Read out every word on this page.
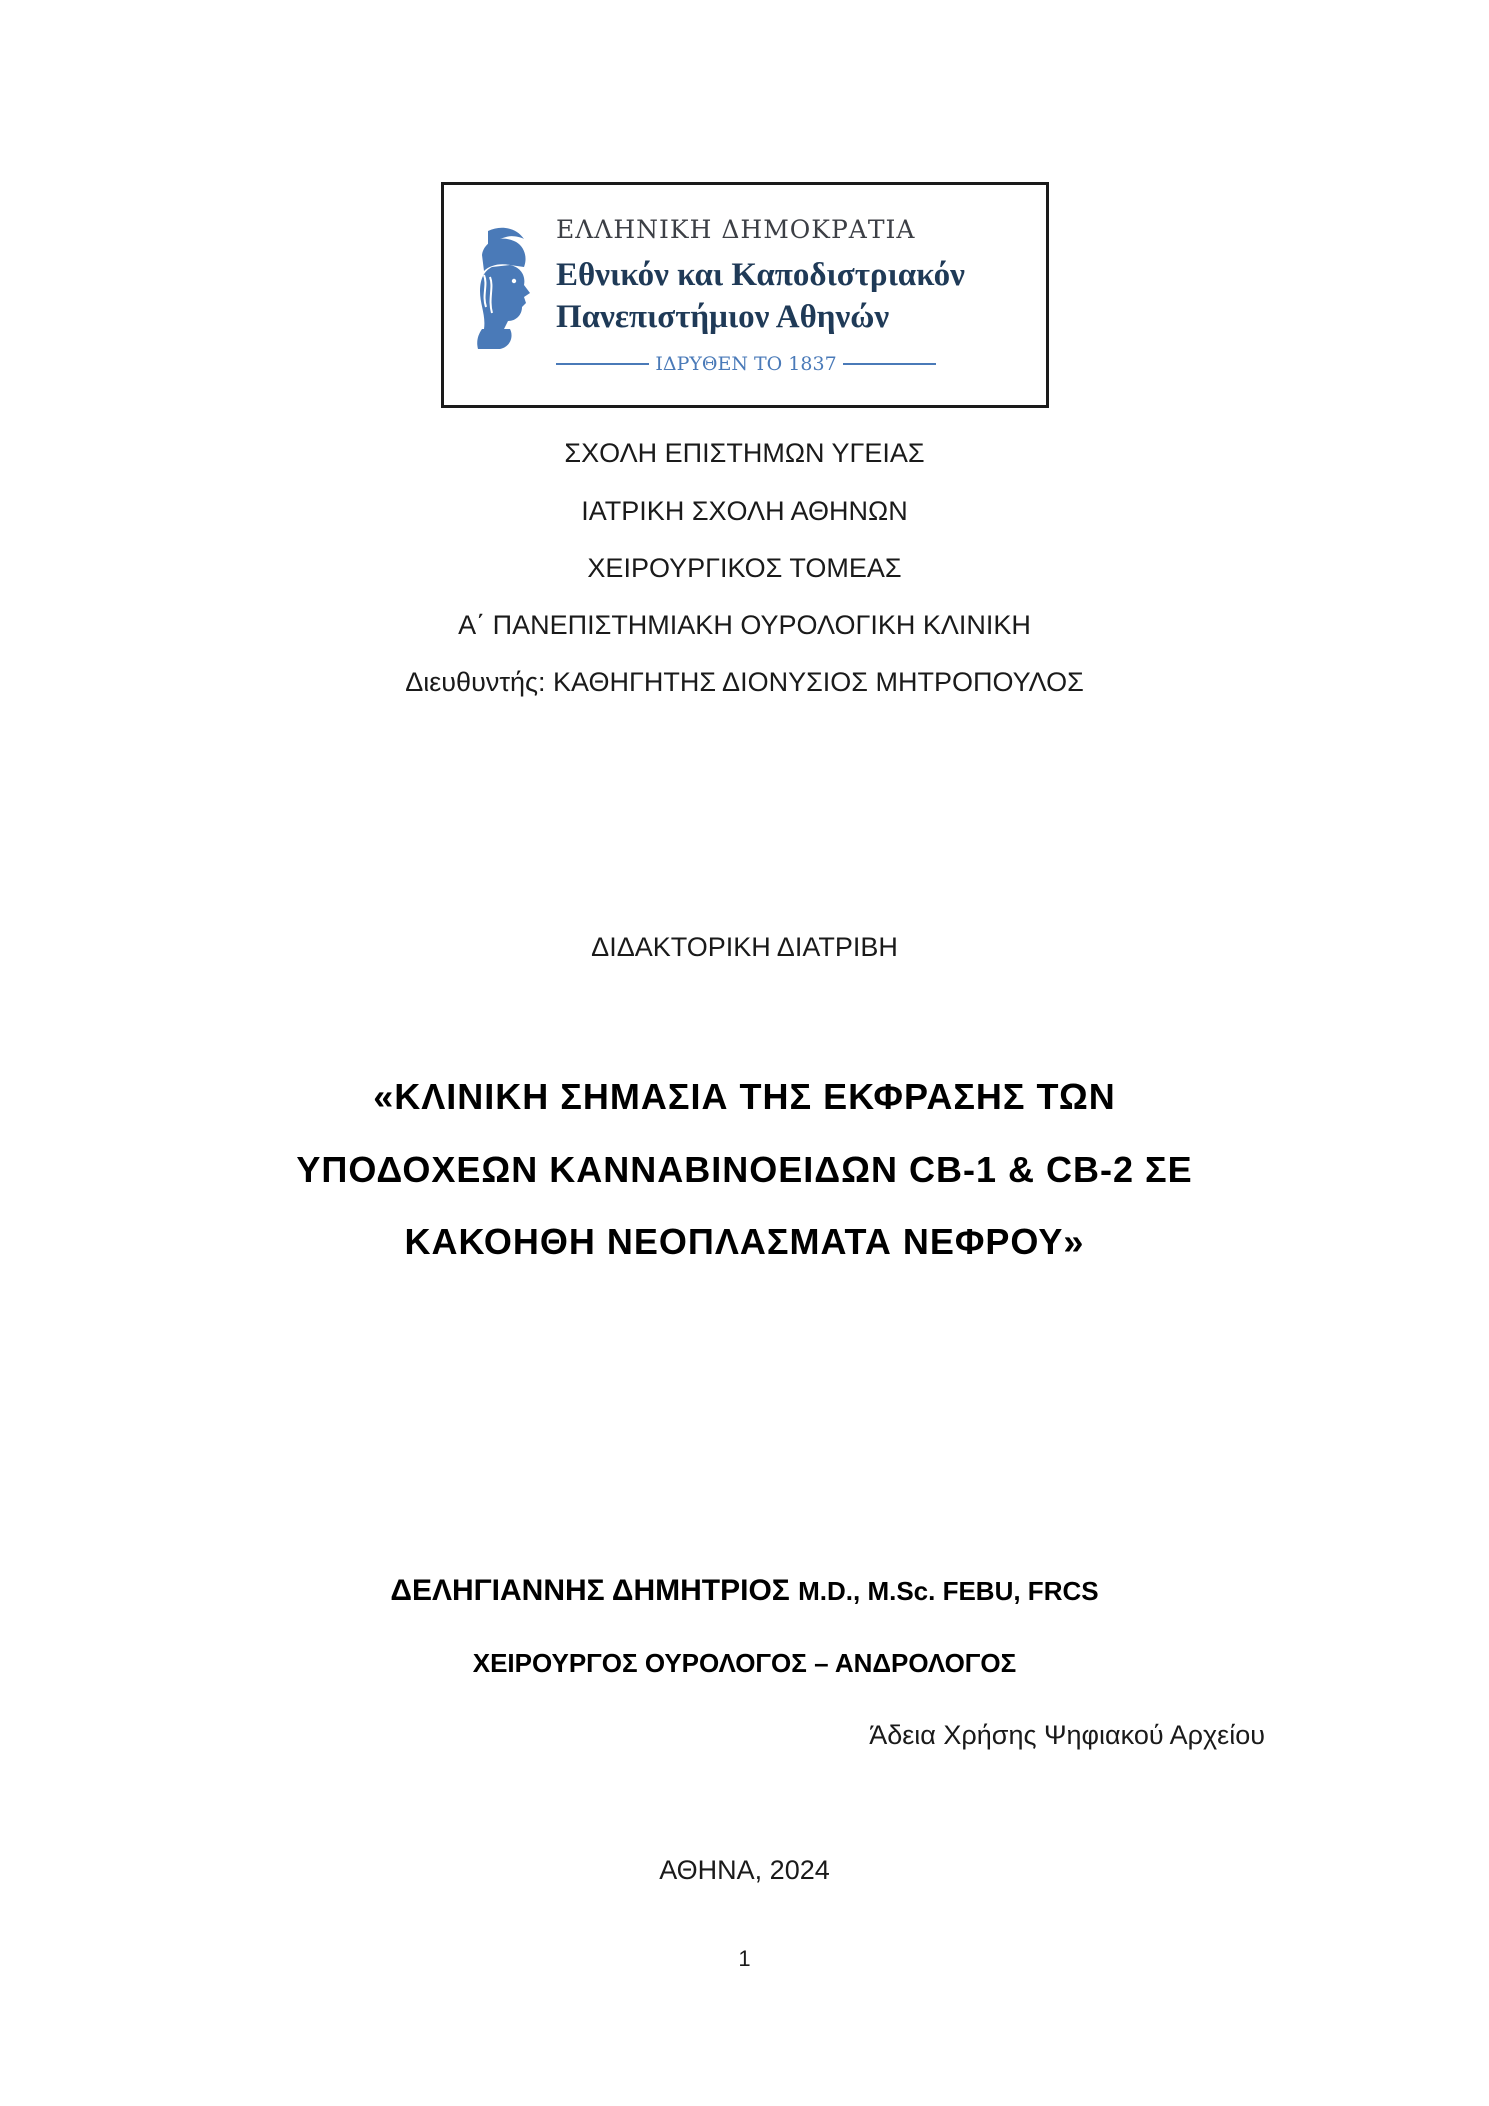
ΕΛΛΗΝΙΚΗ ΔΗΜΟΚΡΑΤΙΑ
Εθνικόν και Καποδιστριακόν
Πανεπιστήμιον Αθηνών
ΙΔΡΥΘΕΝ ΤΟ 1837
ΣΧΟΛΗ ΕΠΙΣΤΗΜΩΝ ΥΓΕΙΑΣ
ΙΑΤΡΙΚΗ ΣΧΟΛΗ ΑΘΗΝΩΝ
ΧΕΙΡΟΥΡΓΙΚΟΣ ΤΟΜΕΑΣ
Α΄ ΠΑΝΕΠΙΣΤΗΜΙΑΚΗ ΟΥΡΟΛΟΓΙΚΗ ΚΛΙΝΙΚΗ
Διευθυντής: ΚΑΘΗΓΗΤΗΣ ΔΙΟΝΥΣΙΟΣ ΜΗΤΡΟΠΟΥΛΟΣ
ΔΙΔΑΚΤΟΡΙΚΗ ΔΙΑΤΡΙΒΗ
«ΚΛΙΝΙΚΗ ΣΗΜΑΣΙΑ ΤΗΣ ΕΚΦΡΑΣΗΣ ΤΩΝ
ΥΠΟΔΟΧΕΩΝ ΚΑΝΝΑΒΙΝΟΕΙΔΩΝ CB-1 & CB-2 ΣΕ
ΚΑΚΟΗΘΗ ΝΕΟΠΛΑΣΜΑΤΑ ΝΕΦΡΟΥ»
ΔΕΛΗΓΙΑΝΝΗΣ ΔΗΜΗΤΡΙΟΣ M.D., M.Sc. FEBU, FRCS
ΧΕΙΡΟΥΡΓΟΣ ΟΥΡΟΛΟΓΟΣ – ΑΝΔΡΟΛΟΓΟΣ
Άδεια Χρήσης Ψηφιακού Αρχείου
ΑΘΗΝΑ, 2024
1
